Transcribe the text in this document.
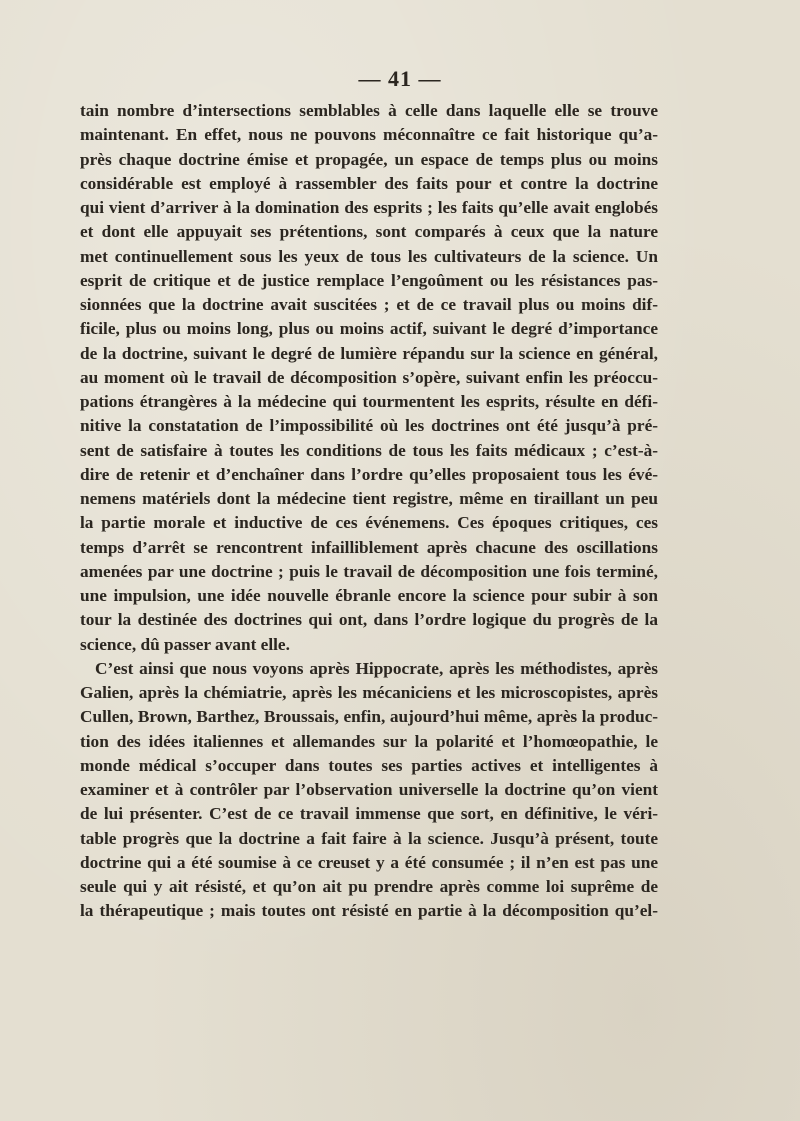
— 41 —
tain nombre d’intersections semblables à celle dans laquelle elle se trouve
maintenant. En effet, nous ne pouvons méconnaître ce fait historique qu’a-
près chaque doctrine émise et propagée, un espace de temps plus ou moins
considérable est employé à rassembler des faits pour et contre la doctrine
qui vient d’arriver à la domination des esprits ; les faits qu’elle avait englobés
et dont elle appuyait ses prétentions, sont comparés à ceux que la nature
met continuellement sous les yeux de tous les cultivateurs de la science. Un
esprit de critique et de justice remplace l’engoûment ou les résistances pas-
sionnées que la doctrine avait suscitées ; et de ce travail plus ou moins dif-
ficile, plus ou moins long, plus ou moins actif, suivant le degré d’importance
de la doctrine, suivant le degré de lumière répandu sur la science en général,
au moment où le travail de décomposition s’opère, suivant enfin les préoccu-
pations étrangères à la médecine qui tourmentent les esprits, résulte en défi-
nitive la constatation de l’impossibilité où les doctrines ont été jusqu’à pré-
sent de satisfaire à toutes les conditions de tous les faits médicaux ; c’est-à-
dire de retenir et d’enchaîner dans l’ordre qu’elles proposaient tous les évé-
nemens matériels dont la médecine tient registre, même en tiraillant un peu
la partie morale et inductive de ces événemens. Ces époques critiques, ces
temps d’arrêt se rencontrent infailliblement après chacune des oscillations
amenées par une doctrine ; puis le travail de décomposition une fois terminé,
une impulsion, une idée nouvelle ébranle encore la science pour subir à son
tour la destinée des doctrines qui ont, dans l’ordre logique du progrès de la
science, dû passer avant elle.
C’est ainsi que nous voyons après Hippocrate, après les méthodistes, après
Galien, après la chémiatrie, après les mécaniciens et les microscopistes, après
Cullen, Brown, Barthez, Broussais, enfin, aujourd’hui même, après la produc-
tion des idées italiennes et allemandes sur la polarité et l’homœopathie, le
monde médical s’occuper dans toutes ses parties actives et intelligentes à
examiner et à contrôler par l’observation universelle la doctrine qu’on vient
de lui présenter. C’est de ce travail immense que sort, en définitive, le véri-
table progrès que la doctrine a fait faire à la science. Jusqu’à présent, toute
doctrine qui a été soumise à ce creuset y a été consumée ; il n’en est pas une
seule qui y ait résisté, et qu’on ait pu prendre après comme loi suprême de
la thérapeutique ; mais toutes ont résisté en partie à la décomposition qu’el-
